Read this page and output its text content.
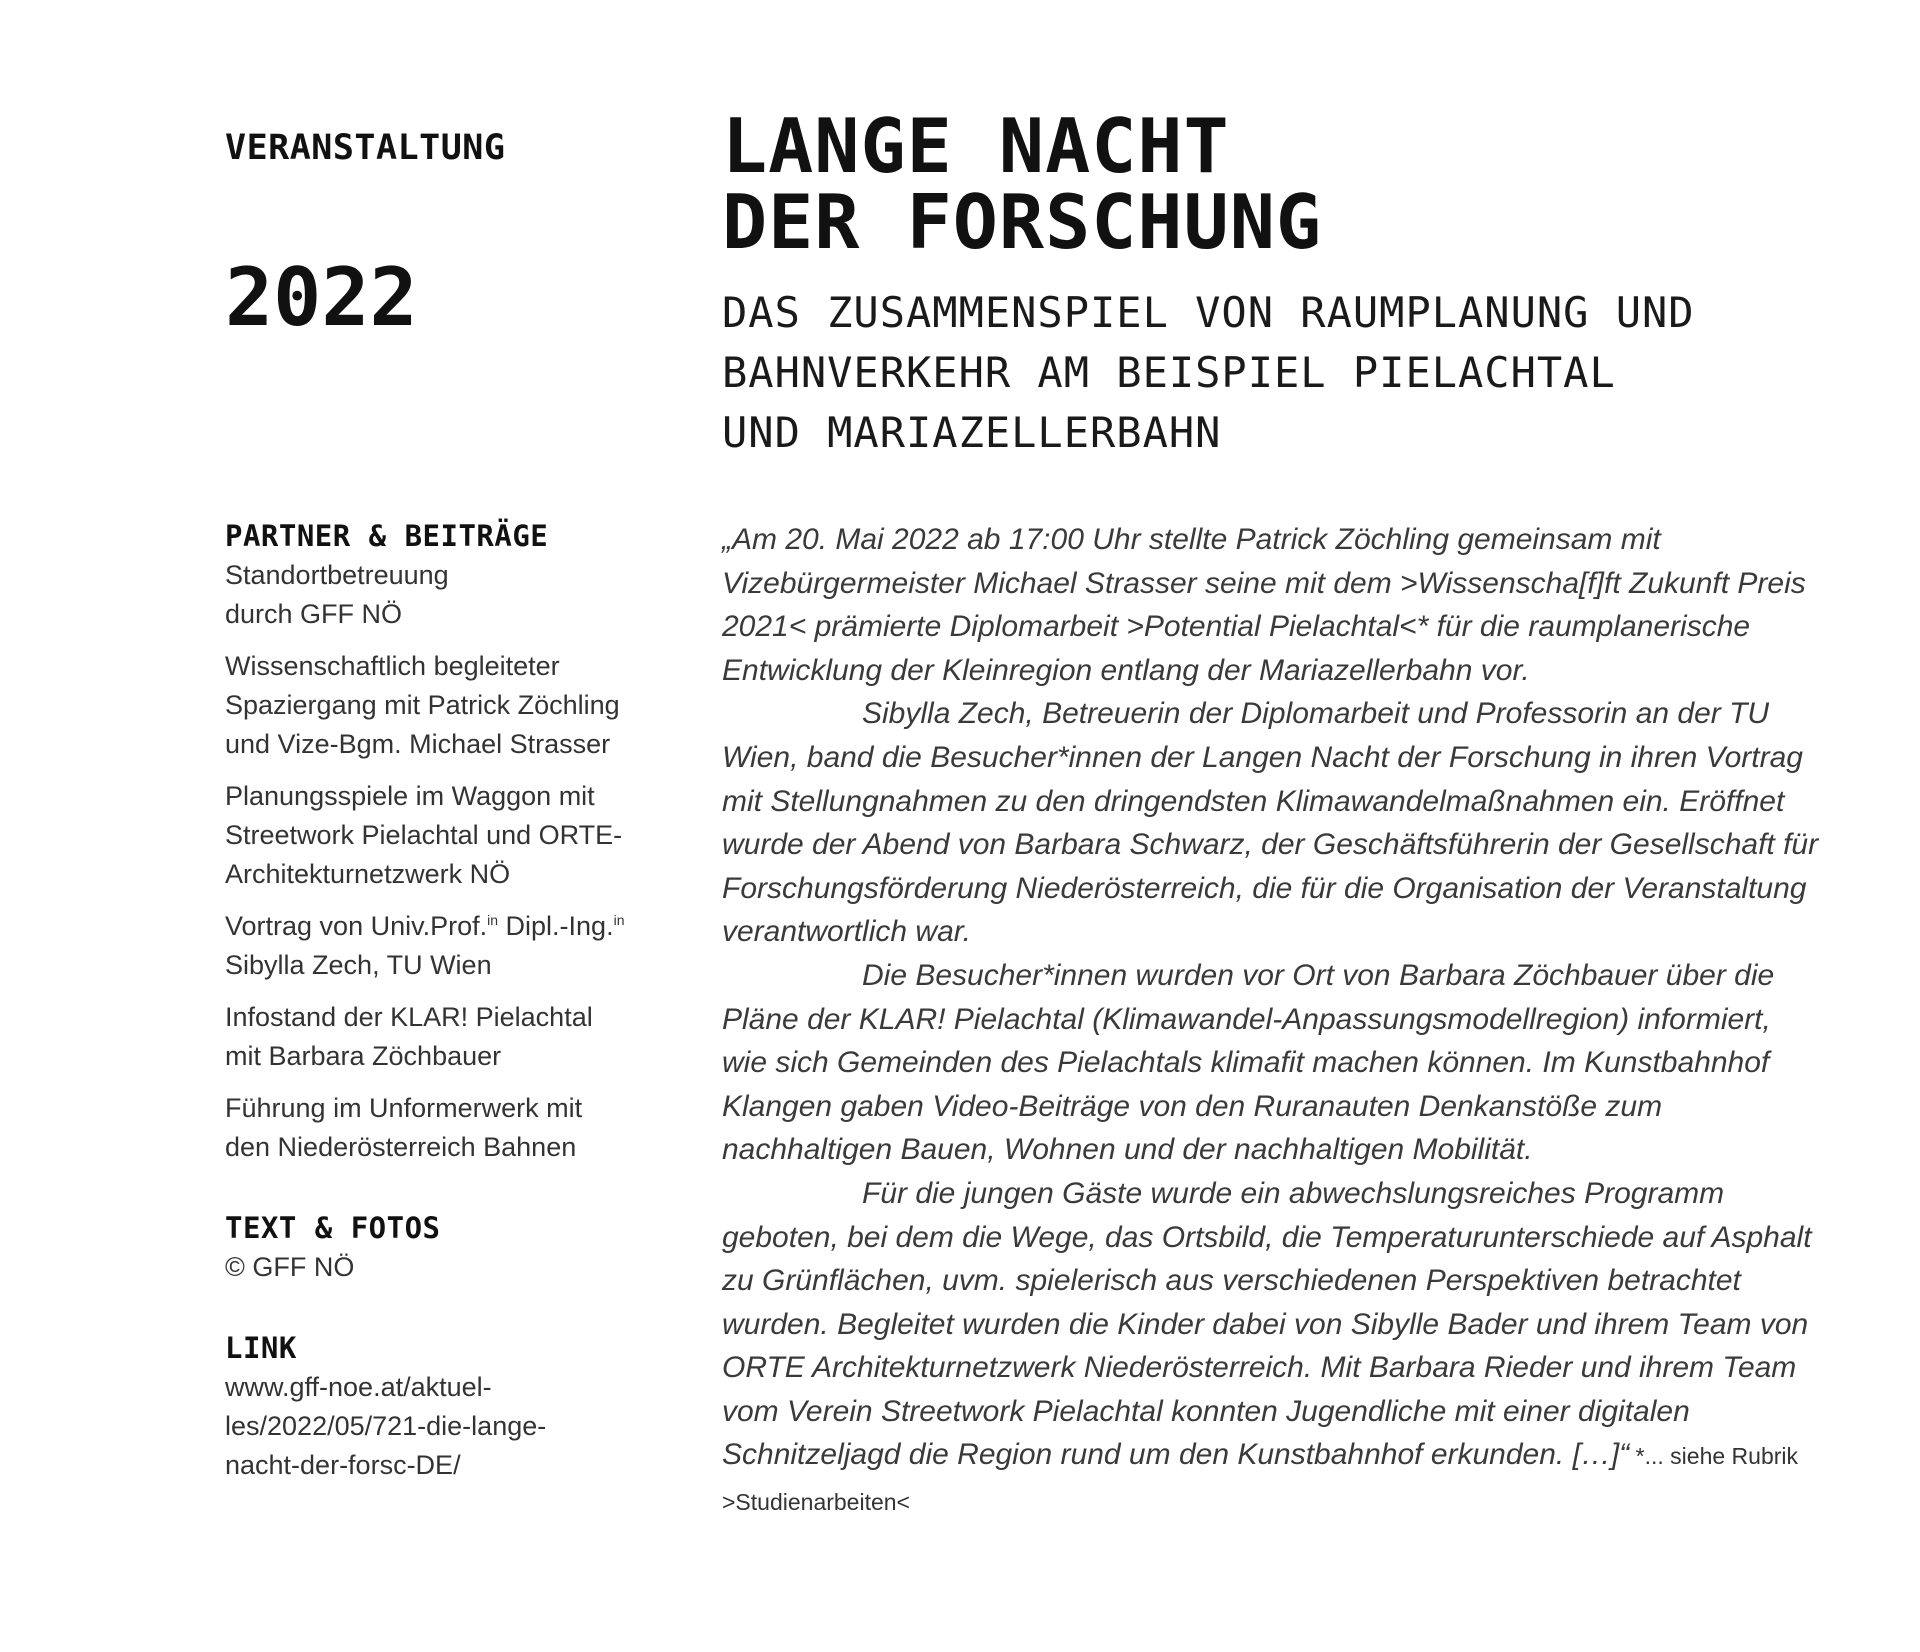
VERANSTALTUNG
2022
PARTNER & BEITRÄGE
Standortbetreuung
durch GFF NÖ
Wissenschaftlich begleiteter
Spaziergang mit Patrick Zöchling
und Vize-Bgm. Michael Strasser
Planungsspiele im Waggon mit
Streetwork Pielachtal und ORTE-
Architekturnetzwerk NÖ
Vortrag von Univ.Prof.$^{in}$ Dipl.-Ing.$^{in}$
Sibylla Zech, TU Wien
Infostand der KLAR! Pielachtal
mit Barbara Zöchbauer
Führung im Unformerwerk mit
den Niederösterreich Bahnen
TEXT & FOTOS
© GFF NÖ
LINK
www.gff-noe.at/aktuel-
les/2022/05/721-die-lange-
nacht-der-forsc-DE/
LANGE NACHT
DER FORSCHUNG
DAS ZUSAMMENSPIEL VON RAUMPLANUNG UND
BAHNVERKEHR AM BEISPIEL PIELACHTAL
UND MARIAZELLERBAHN

„Am 20. Mai 2022 ab 17:00 Uhr stellte Patrick Zöchling gemeinsam mit Vizebürgermeister Michael Strasser seine mit dem >Wissenscha[f]ft Zukunft Preis 2021< prämierte Diplomarbeit >Potential Pielachtal<* für die raumplanerische Entwicklung der Kleinregion entlang der Mariazellerbahn vor.

Sibylla Zech, Betreuerin der Diplomarbeit und Professorin an der TU Wien, band die Besucher*innen der Langen Nacht der Forschung in ihren Vortrag mit Stellungnahmen zu den dringendsten Klimawandelmaßnahmen ein. Eröffnet wurde der Abend von Barbara Schwarz, der Geschäftsführerin der Gesellschaft für Forschungsförderung Niederösterreich, die für die Organisation der Veranstaltung verantwortlich war.

Die Besucher*innen wurden vor Ort von Barbara Zöchbauer über die Pläne der KLAR! Pielachtal (Klimawandel-Anpassungsmodellregion) informiert, wie sich Gemeinden des Pielachtals klimafit machen können. Im Kunstbahnhof Klangen gaben Video-Beiträge von den Ruranauten Denkanstöße zum nachhaltigen Bauen, Wohnen und der nachhaltigen Mobilität.

Für die jungen Gäste wurde ein abwechslungsreiches Programm geboten, bei dem die Wege, das Ortsbild, die Temperaturunterschiede auf Asphalt zu Grünflächen, uvm. spielerisch aus verschiedenen Perspektiven betrachtet wurden. Begleitet wurden die Kinder dabei von Sibylle Bader und ihrem Team von ORTE Architekturnetzwerk Niederösterreich. Mit Barbara Rieder und ihrem Team vom Verein Streetwork Pielachtal konnten Jugendliche mit einer digitalen Schnitzeljagd die Region rund um den Kunstbahnhof erkunden. […]“ *... siehe Rubrik >Studienarbeiten<
